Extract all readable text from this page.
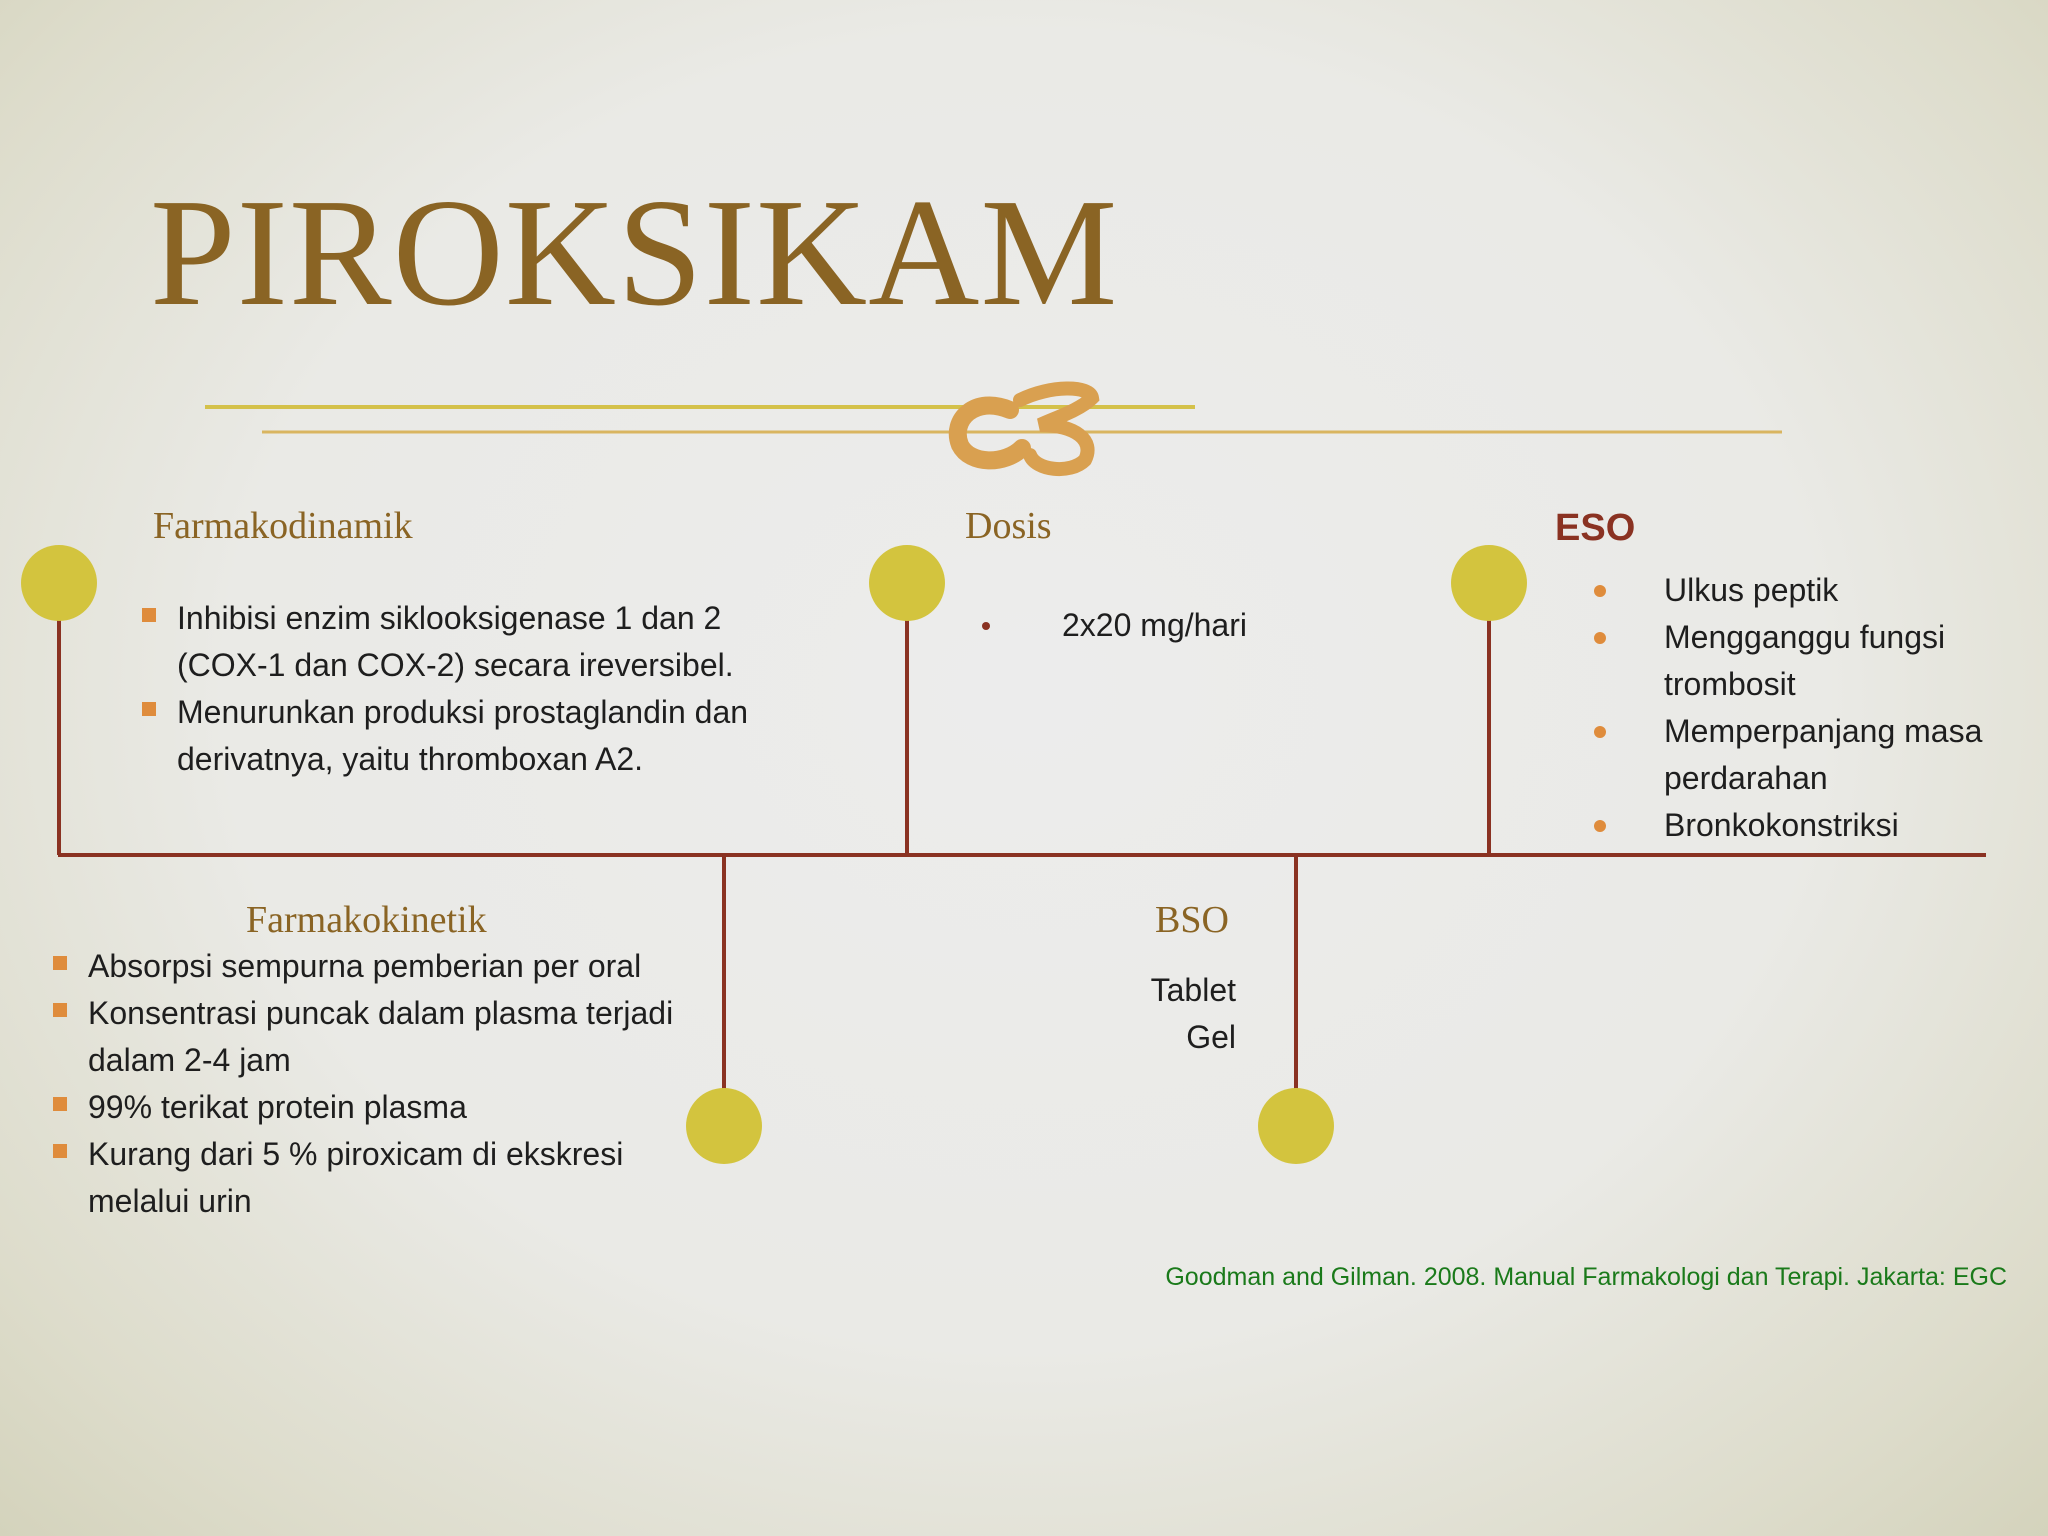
PIROKSIKAM
Farmakodinamik
Inhibisi enzim siklooksigenase 1 dan 2 (COX-1 dan COX-2) secara ireversibel.
Menurunkan produksi prostaglandin dan derivatnya, yaitu thromboxan A2.
Dosis
2x20 mg/hari
ESO
Ulkus peptik
Mengganggu fungsi trombosit
Memperpanjang masa perdarahan
Bronkokonstriksi
Farmakokinetik
Absorpsi sempurna pemberian per oral
Konsentrasi puncak dalam plasma terjadi dalam 2-4 jam
99% terikat protein plasma
Kurang dari 5 % piroxicam di ekskresi melalui urin
BSO
Tablet
Gel
Goodman and Gilman. 2008. Manual Farmakologi dan Terapi. Jakarta: EGC
